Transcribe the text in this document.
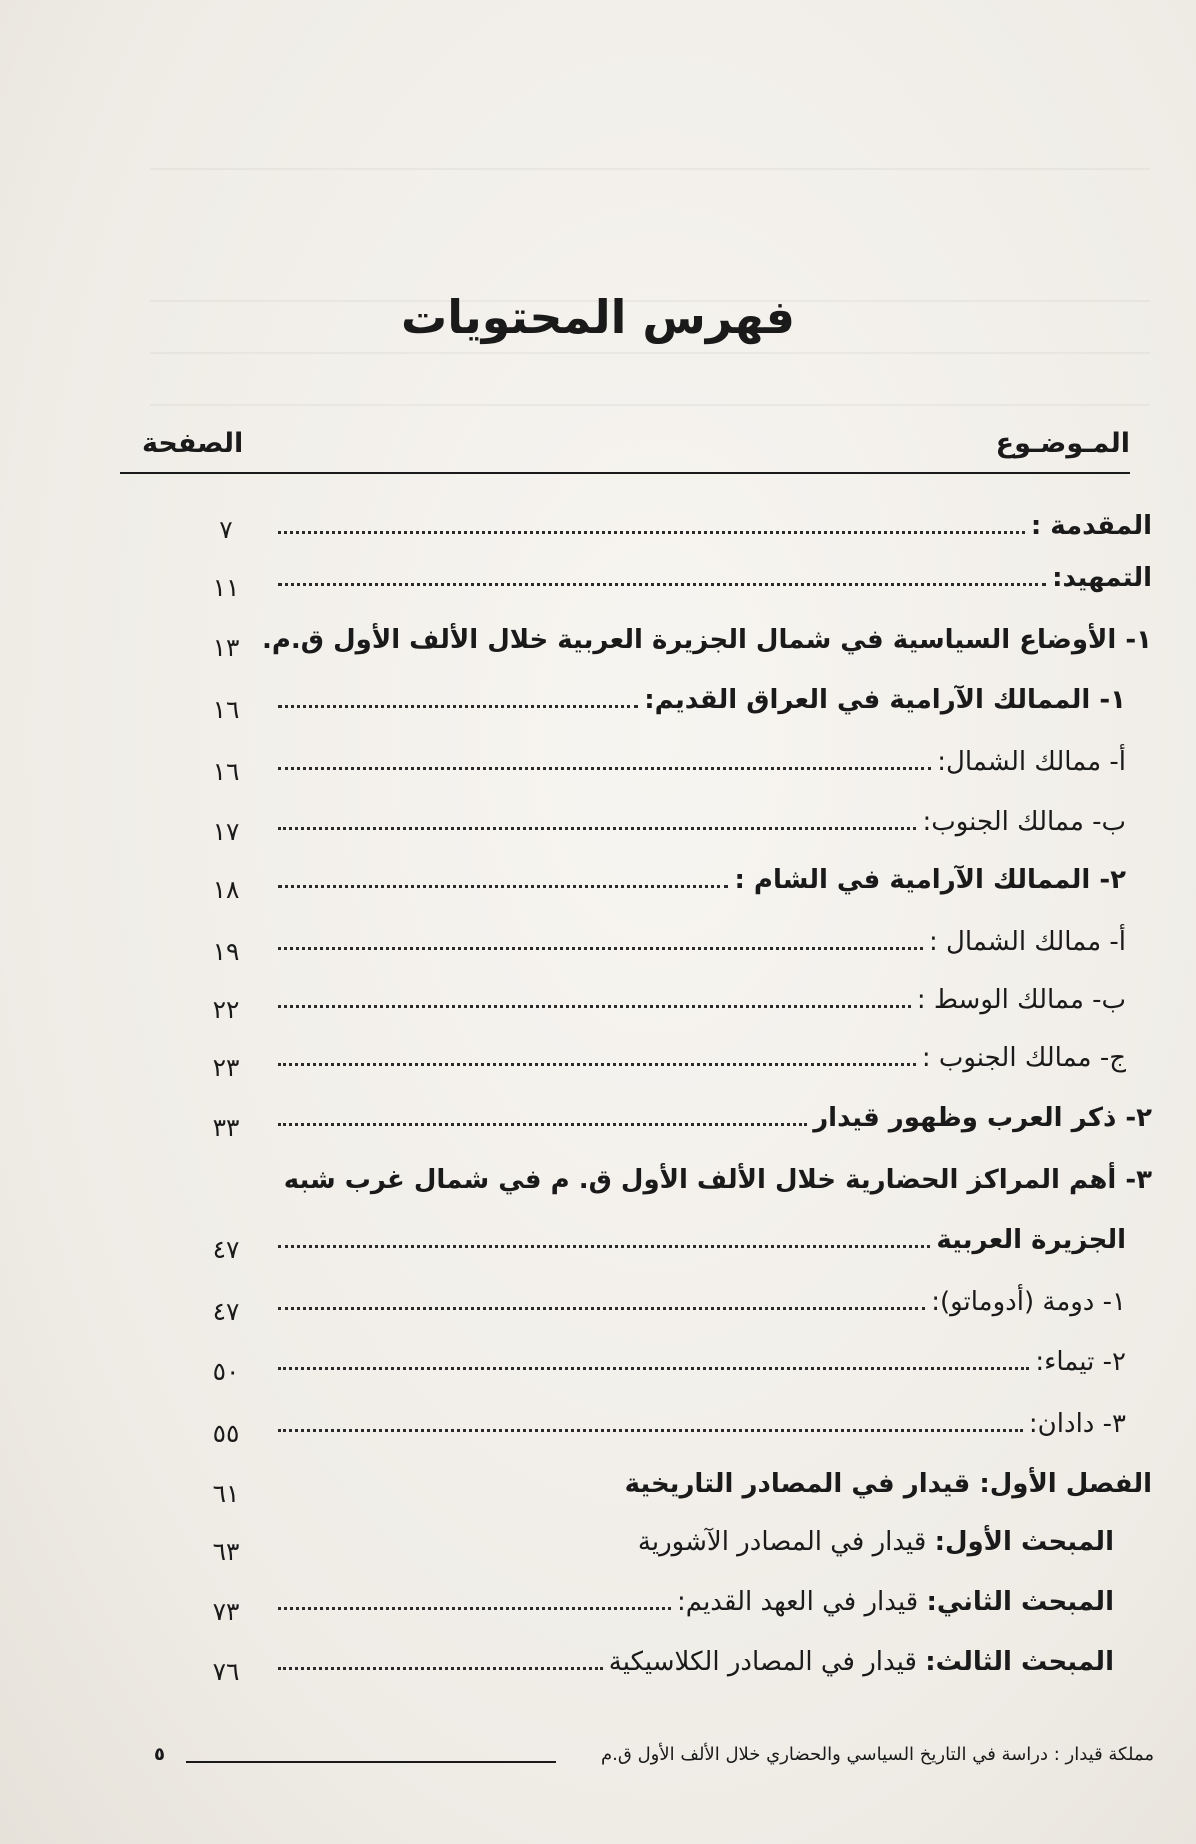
فهرس المحتويات
المـوضـوع
الصفحة
المقدمة :
٧
التمهيد:
١١
١- الأوضاع السياسية في شمال الجزيرة العربية خلال الألف الأول ق.م.
١٣
١- الممالك الآرامية في العراق القديم:
١٦
أ- ممالك الشمال:
١٦
ب- ممالك الجنوب:
١٧
٢- الممالك الآرامية في الشام :
١٨
أ- ممالك الشمال :
١٩
ب- ممالك الوسط :
٢٢
ج- ممالك الجنوب :
٢٣
٢- ذكر العرب وظهور قيدار
٣٣
٣- أهم المراكز الحضارية خلال الألف الأول ق. م في شمال غرب شبه
الجزيرة العربية
٤٧
١- دومة (أدوماتو):
٤٧
٢- تيماء:
٥٠
٣- دادان:
٥٥
الفصل الأول: قيدار في المصادر التاريخية
٦١
المبحث الأول: قيدار في المصادر الآشورية
٦٣
المبحث الثاني: قيدار في العهد القديم:
٧٣
المبحث الثالث: قيدار في المصادر الكلاسيكية
٧٦
مملكة قيدار : دراسة في التاريخ السياسي والحضاري خلال الألف الأول ق.م
٥
